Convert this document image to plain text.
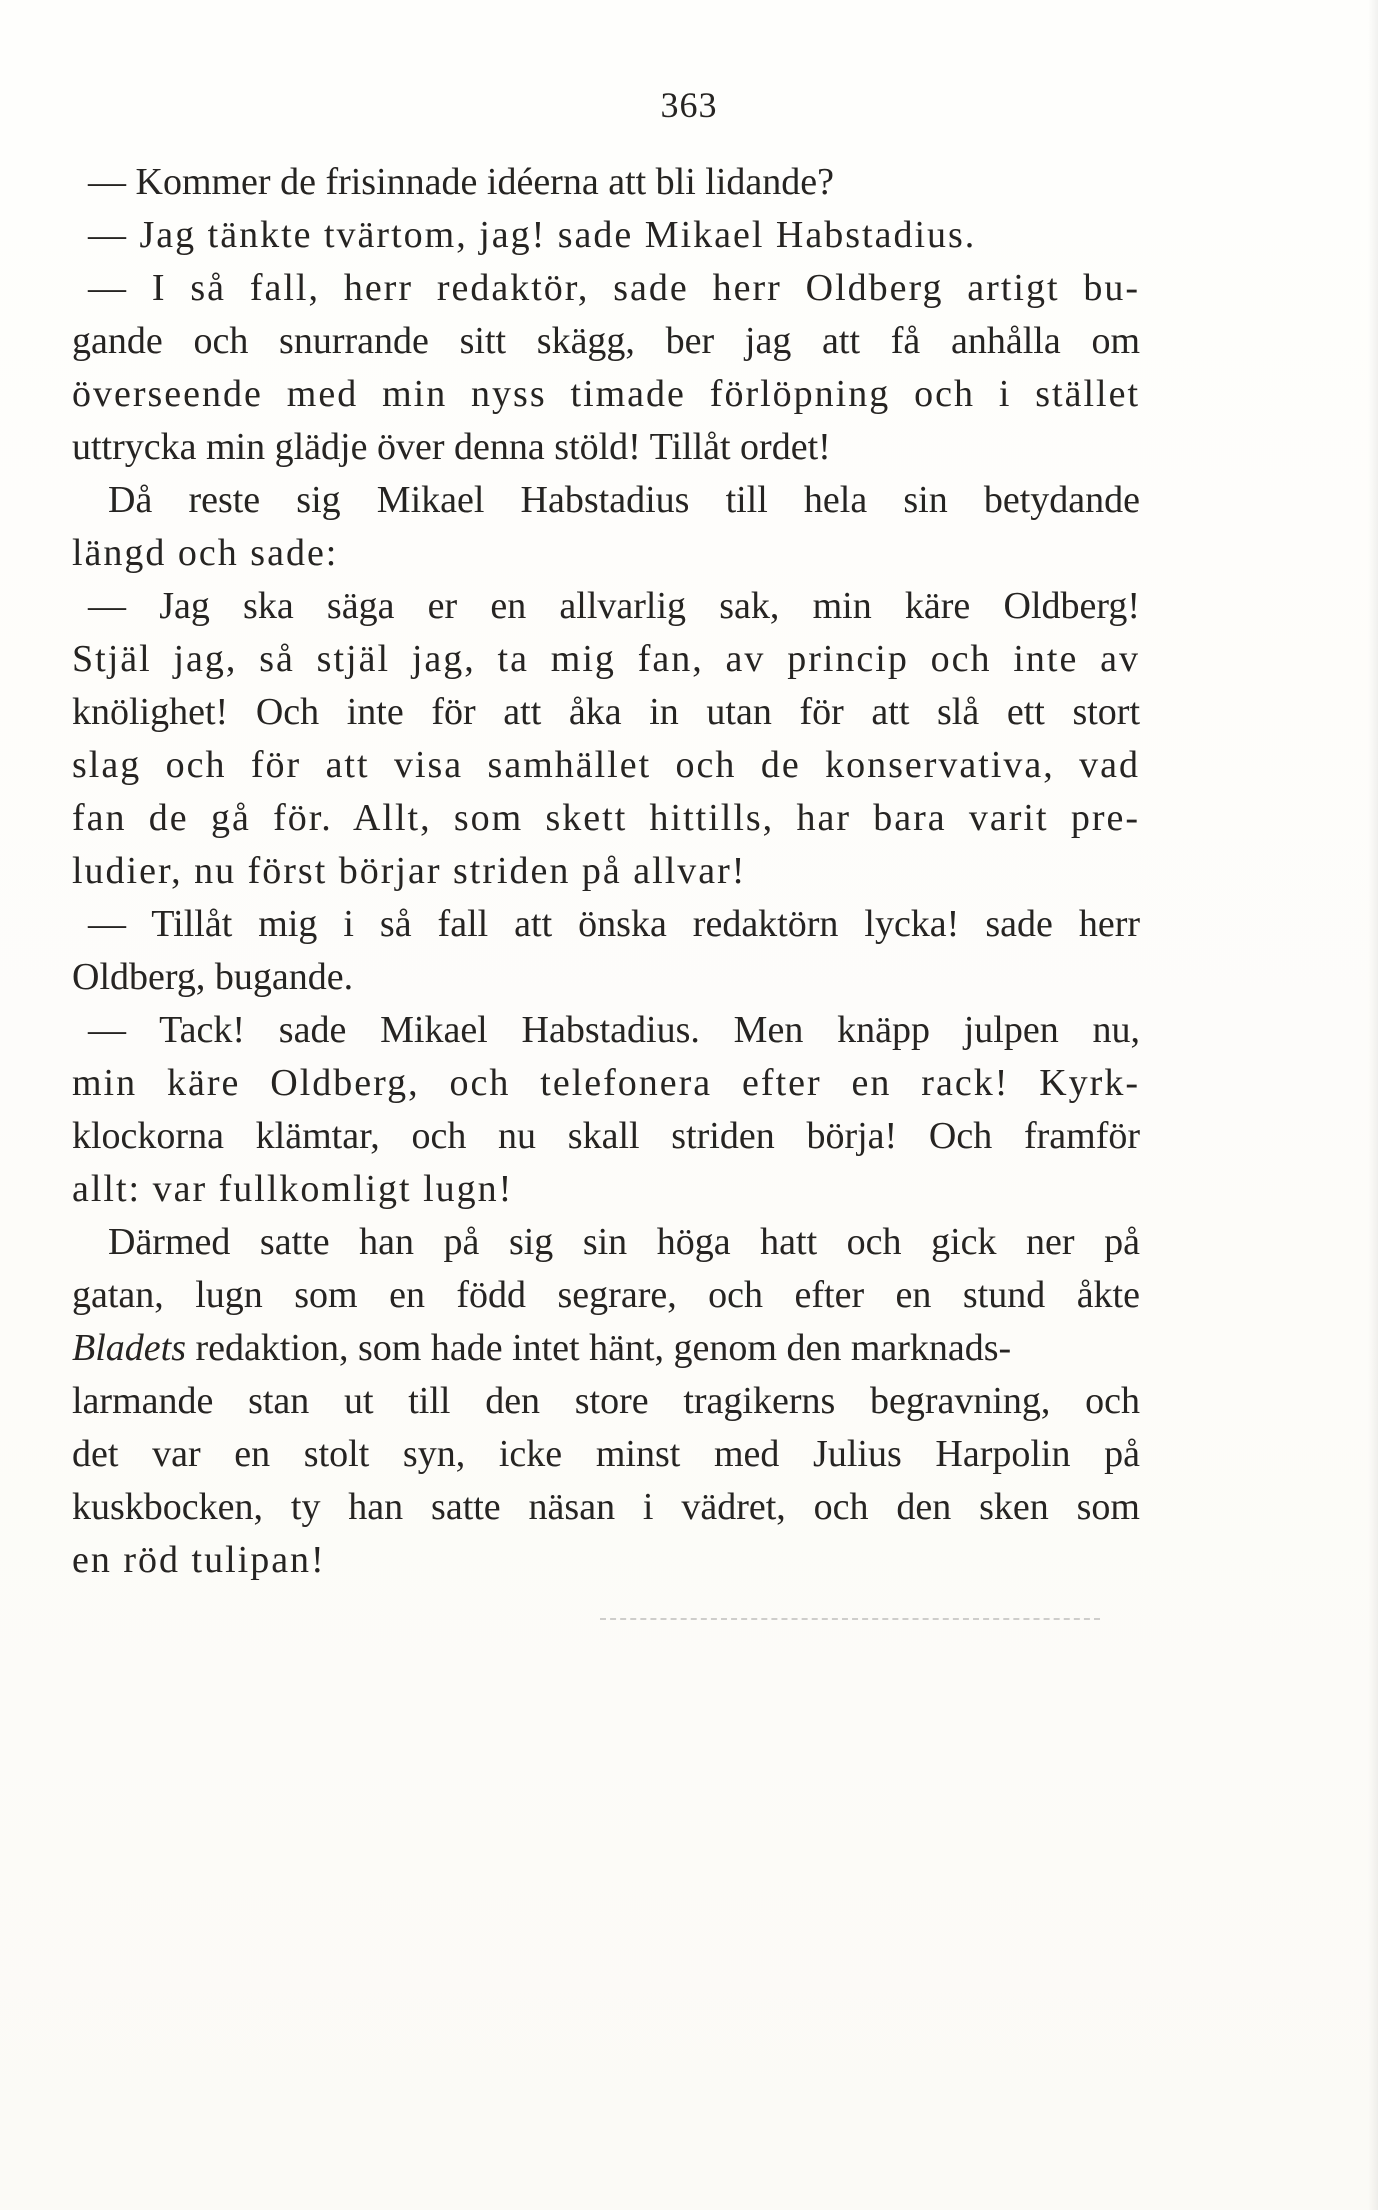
363
— Kommer de frisinnade idéerna att bli lidande?
— Jag tänkte tvärtom, jag! sade Mikael Habstadius.
— I så fall, herr redaktör, sade herr Oldberg artigt bu-
gande och snurrande sitt skägg, ber jag att få anhålla om
överseende med min nyss timade förlöpning och i stället
uttrycka min glädje över denna stöld! Tillåt ordet!
Då reste sig Mikael Habstadius till hela sin betydande
längd och sade:
— Jag ska säga er en allvarlig sak, min käre Oldberg!
Stjäl jag, så stjäl jag, ta mig fan, av princip och inte av
knölighet! Och inte för att åka in utan för att slå ett stort
slag och för att visa samhället och de konservativa, vad
fan de gå för. Allt, som skett hittills, har bara varit pre-
ludier, nu först börjar striden på allvar!
— Tillåt mig i så fall att önska redaktörn lycka! sade herr
Oldberg, bugande.
— Tack! sade Mikael Habstadius. Men knäpp julpen nu,
min käre Oldberg, och telefonera efter en rack! Kyrk-
klockorna klämtar, och nu skall striden börja! Och framför
allt: var fullkomligt lugn!
Därmed satte han på sig sin höga hatt och gick ner på
gatan, lugn som en född segrare, och efter en stund åkte
Bladets redaktion, som hade intet hänt, genom den marknads-
larmande stan ut till den store tragikerns begravning, och
det var en stolt syn, icke minst med Julius Harpolin på
kuskbocken, ty han satte näsan i vädret, och den sken som
en röd tulipan!
